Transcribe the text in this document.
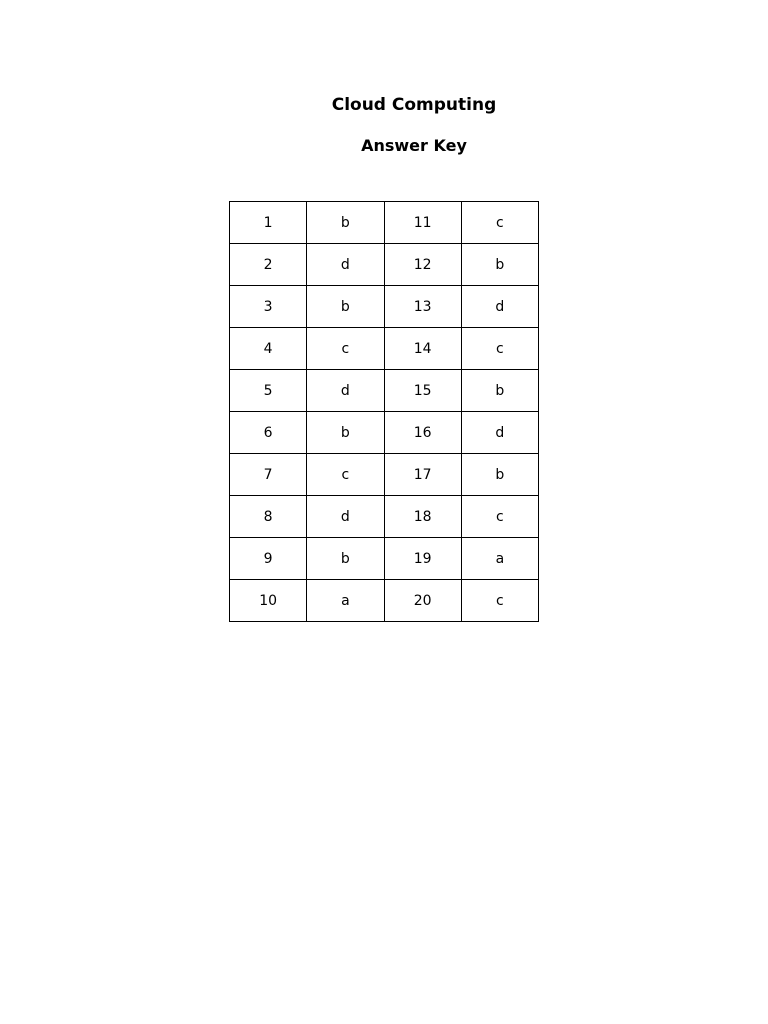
Cloud Computing
Answer Key
1	b	11	c
2	d	12	b
3	b	13	d
4	c	14	c
5	d	15	b
6	b	16	d
7	c	17	b
8	d	18	c
9	b	19	a
10	a	20	c
